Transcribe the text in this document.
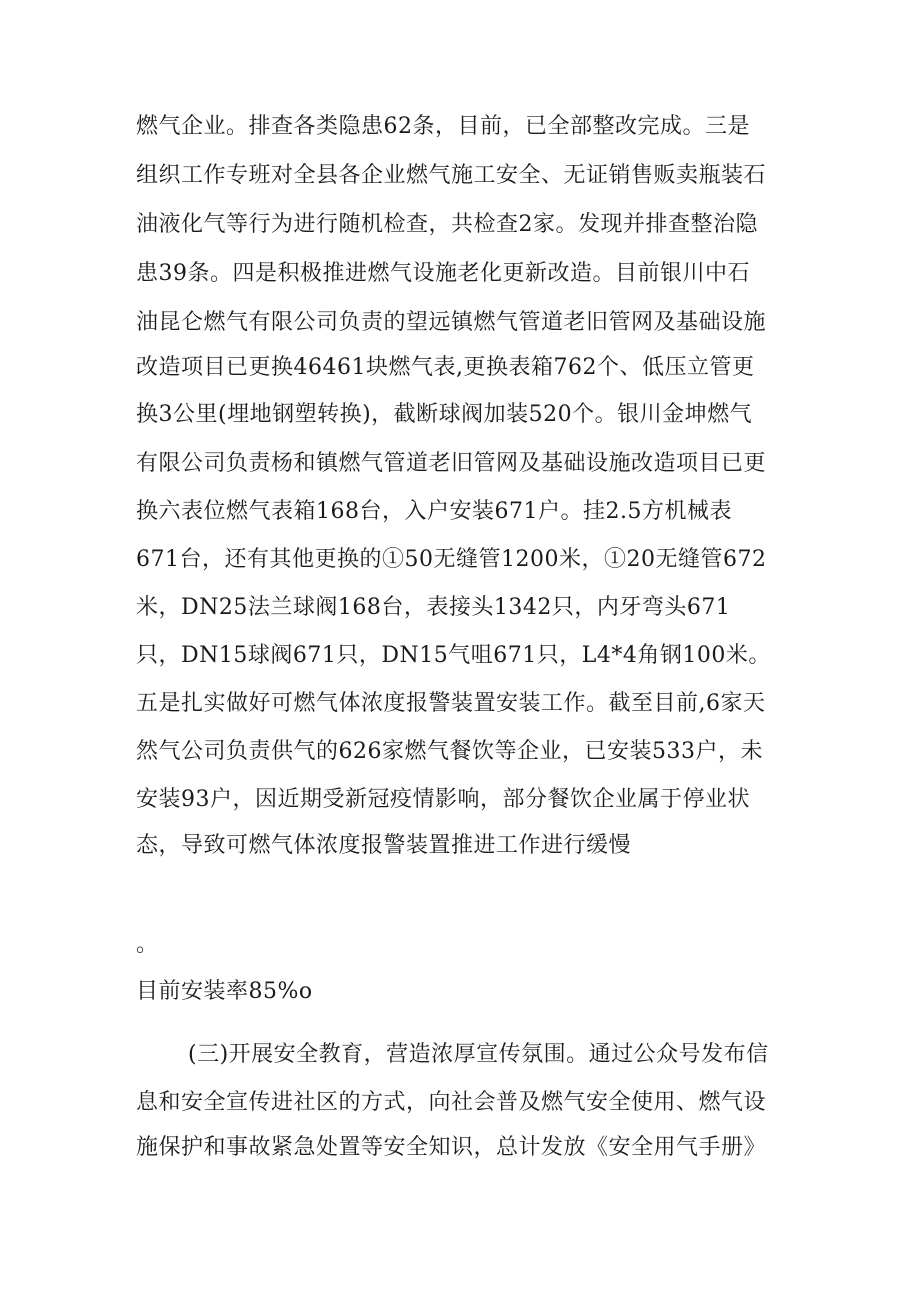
燃气企业。排查各类隐患62条，目前，已全部整改完成。三是
组织工作专班对全县各企业燃气施工安全、无证销售贩卖瓶装石
油液化气等行为进行随机检查，共检查2家。发现并排查整治隐
患39条。四是积极推进燃气设施老化更新改造。目前银川中石
油昆仑燃气有限公司负责的望远镇燃气管道老旧管网及基础设施
改造项目已更换46461块燃气表,更换表箱762个、低压立管更
换3公里(埋地钢塑转换)，截断球阀加装520个。银川金坤燃气
有限公司负责杨和镇燃气管道老旧管网及基础设施改造项目已更
换六表位燃气表箱168台，入户安装671户。挂2.5方机械表
671台，还有其他更换的①50无缝管1200米，①20无缝管672
米，DN25法兰球阀168台，表接头1342只，内牙弯头671
只，DN15球阀671只，DN15气咀671只，L4*4角钢100米。
五是扎实做好可燃气体浓度报警装置安装工作。截至目前,6家天
然气公司负责供气的626家燃气餐饮等企业，已安装533户，未
安装93户，因近期受新冠疫情影响，部分餐饮企业属于停业状
态，导致可燃气体浓度报警装置推进工作进行缓慢
。
目前安装率85%o
(三)开展安全教育，营造浓厚宣传氛围。通过公众号发布信
息和安全宣传进社区的方式，向社会普及燃气安全使用、燃气设
施保护和事故紧急处置等安全知识，总计发放《安全用气手册》
